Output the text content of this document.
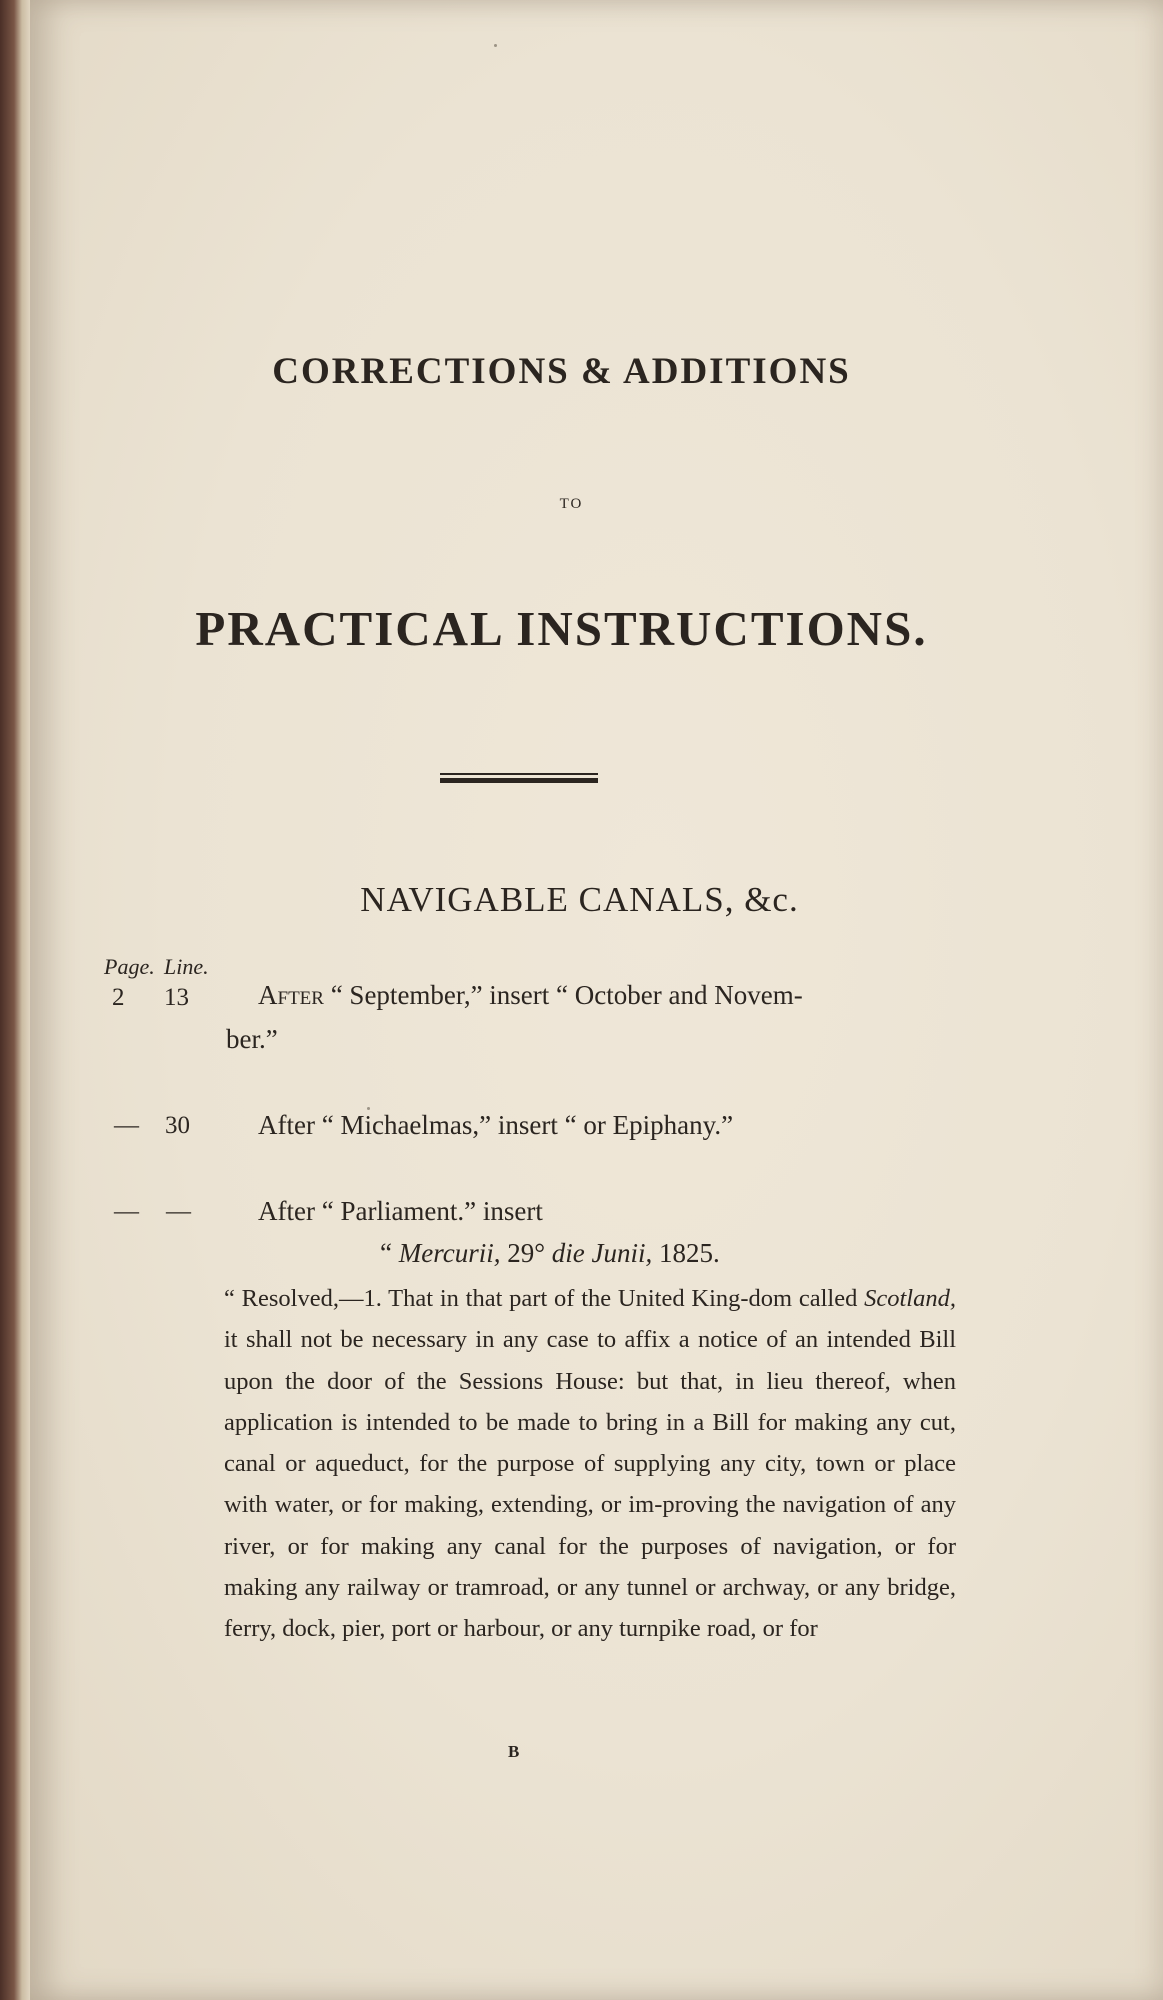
CORRECTIONS & ADDITIONS
TO
PRACTICAL INSTRUCTIONS.
NAVIGABLE CANALS, &c.
Page. Line.
2 13	After “ September,” insert “ October and Novem-
ber.”
— 30	After “ Michaelmas,” insert “ or Epiphany.”
— — After “ Parliament.” insert
“ Mercurii, 29° die Junii, 1825.
“ Resolved,—1. That in that part of the United King-dom called Scotland, it shall not be necessary in any case to affix a notice of an intended Bill upon the door of the Sessions House: but that, in lieu thereof, when application is intended to be made to bring in a Bill for making any cut, canal or aqueduct, for the purpose of supplying any city, town or place with water, or for making, extending, or im-proving the navigation of any river, or for making any canal for the purposes of navigation, or for making any railway or tramroad, or any tunnel or archway, or any bridge, ferry, dock, pier, port or harbour, or any turnpike road, or for
B
